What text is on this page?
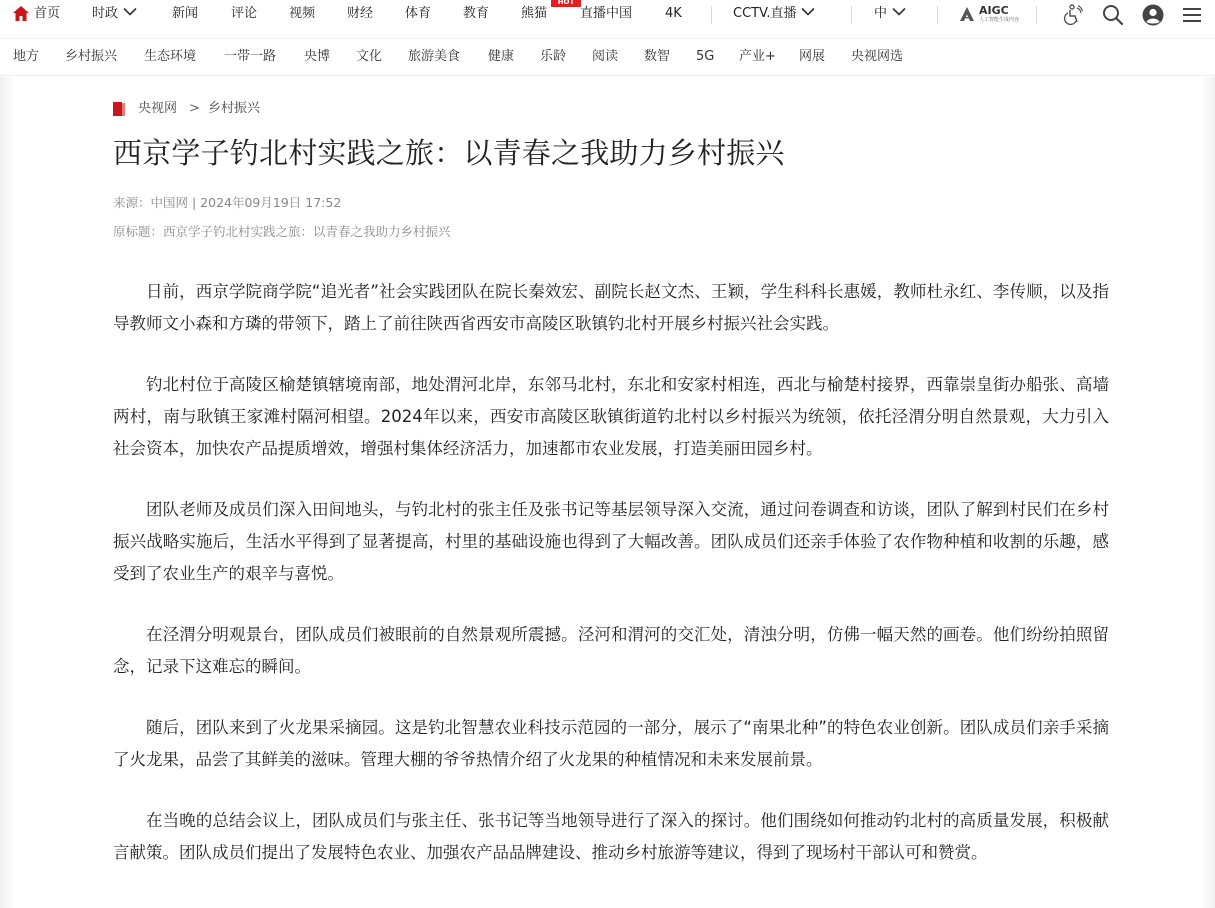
首页 时政	新闻	评论 视频 财经 体育 教育 熊猫
HOT
直播中国	4K	CCTV.直播	中	AIGC
人工智能生成内容
地方 乡村振兴 生态环境 一带一路 央博 文化 旅游美食 健康 乐龄 阅读 数智 5G 产业+ 网展 央视网选
央视网 > 乡村振兴
西京学子钓北村实践之旅：以青春之我助力乡村振兴
来源：中国网 | 2024年09月19日 17:52
原标题：西京学子钓北村实践之旅：以青春之我助力乡村振兴

日前，西京学院商学院“追光者”社会实践团队在院长秦效宏、副院长赵文杰、王颖，学生科科长惠媛，教师杜永红、李传顺，以及指导教师文小森和方璘的带领下，踏上了前往陕西省西安市高陵区耿镇钓北村开展乡村振兴社会实践。

钓北村位于高陵区榆楚镇辖境南部，地处渭河北岸，东邻马北村，东北和安家村相连，西北与榆楚村接界，西靠崇皇街办船张、高墙两村，南与耿镇王家滩村隔河相望。2024年以来，西安市高陵区耿镇街道钓北村以乡村振兴为统领，依托泾渭分明自然景观，大力引入社会资本，加快农产品提质增效，增强村集体经济活力，加速都市农业发展，打造美丽田园乡村。

团队老师及成员们深入田间地头，与钓北村的张主任及张书记等基层领导深入交流，通过问卷调查和访谈，团队了解到村民们在乡村振兴战略实施后，生活水平得到了显著提高，村里的基础设施也得到了大幅改善。团队成员们还亲手体验了农作物种植和收割的乐趣，感受到了农业生产的艰辛与喜悦。

在泾渭分明观景台，团队成员们被眼前的自然景观所震撼。泾河和渭河的交汇处，清浊分明，仿佛一幅天然的画卷。他们纷纷拍照留念，记录下这难忘的瞬间。

随后，团队来到了火龙果采摘园。这是钓北智慧农业科技示范园的一部分，展示了“南果北种”的特色农业创新。团队成员们亲手采摘了火龙果，品尝了其鲜美的滋味。管理大棚的爷爷热情介绍了火龙果的种植情况和未来发展前景。

在当晚的总结会议上，团队成员们与张主任、张书记等当地领导进行了深入的探讨。他们围绕如何推动钓北村的高质量发展，积极献言献策。团队成员们提出了发展特色农业、加强农产品品牌建设、推动乡村旅游等建议，得到了现场村干部认可和赞赏。
